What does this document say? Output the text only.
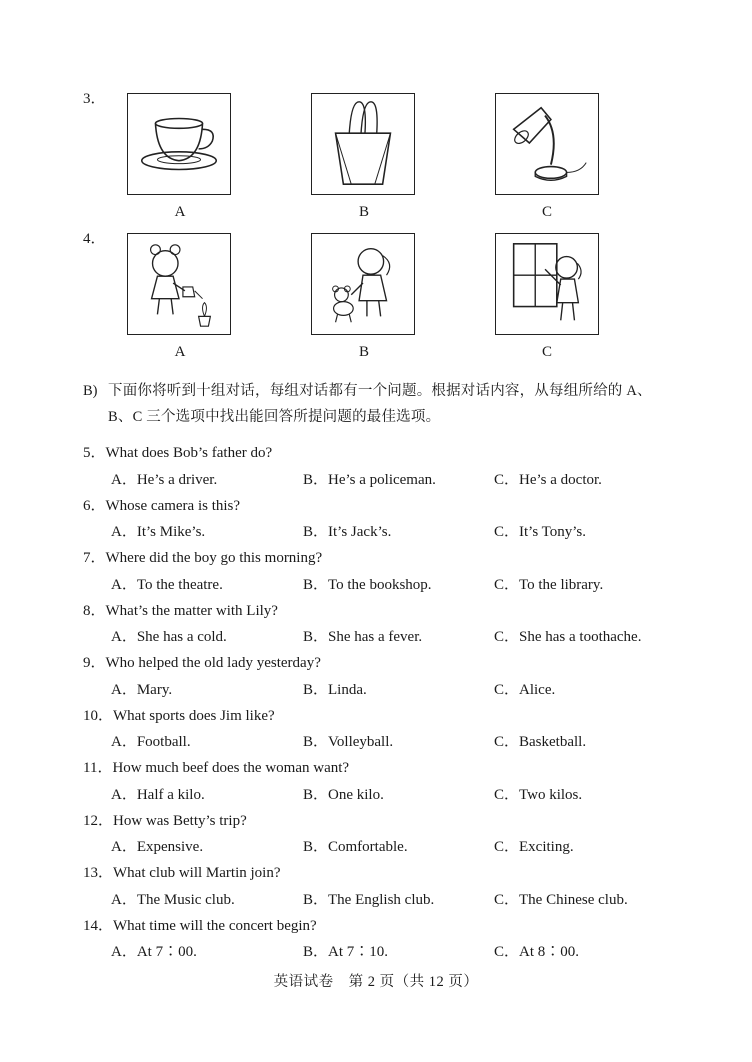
3．
A	B	C
4．
A	B	C
B) 下面你将听到十组对话，每组对话都有一个问题。根据对话内容，从每组所给的 A、
B、C 三个选项中找出能回答所提问题的最佳选项。
5．What does Bob’s father do?
A．He’s a driver.	B．He’s a policeman.	C．He’s a doctor.
6．Whose camera is this?
A．It’s Mike’s.	B．It’s Jack’s.	C．It’s Tony’s.
7．Where did the boy go this morning?
A．To the theatre.	B．To the bookshop.	C．To the library.
8．What’s the matter with Lily?
A．She has a cold.	B．She has a fever.	C．She has a toothache.
9．Who helped the old lady yesterday?
A．Mary.	B．Linda.	C．Alice.
10．What sports does Jim like?
A．Football.	B．Volleyball.	C．Basketball.
11．How much beef does the woman want?
A．Half a kilo.	B．One kilo.	C．Two kilos.
12．How was Betty’s trip?
A．Expensive.	B．Comfortable.	C．Exciting.
13．What club will Martin join?
A．The Music club.	B．The English club.	C．The Chinese club.
14．What time will the concert begin?
A．At 7∶00.	B．At 7∶10.	C．At 8∶00.
英语试卷　第 2 页（共 12 页）
